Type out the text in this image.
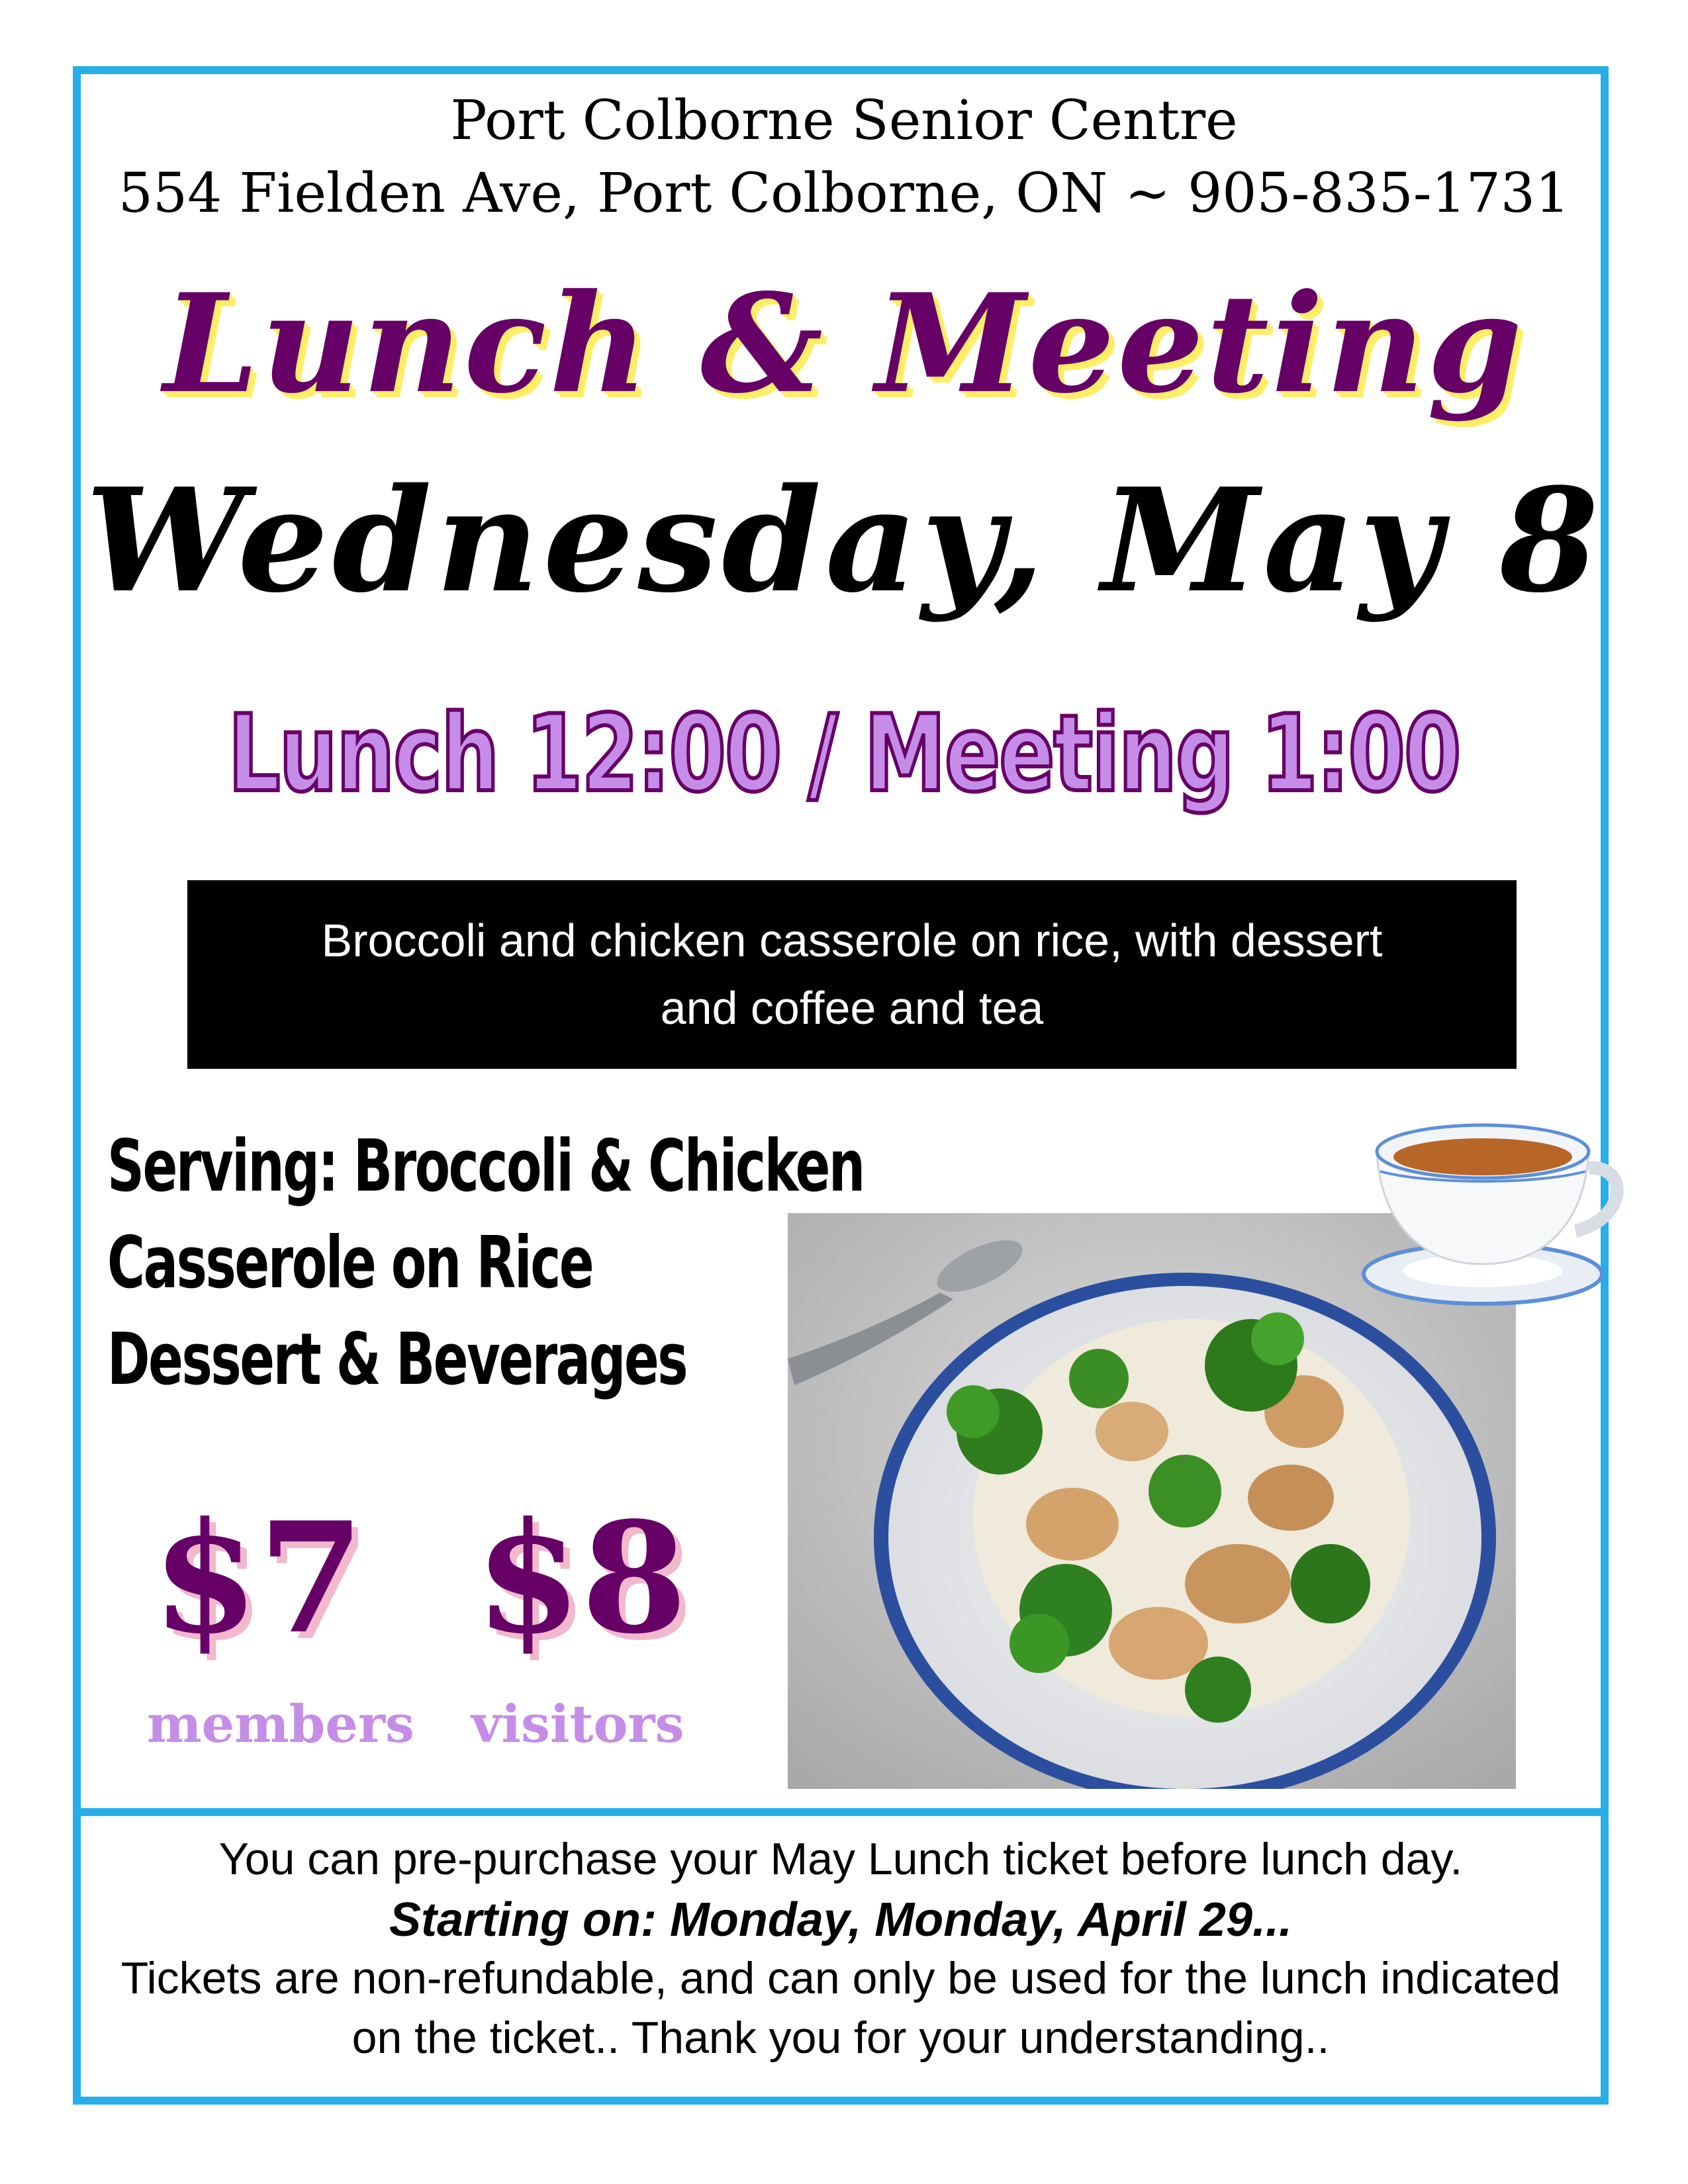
Port Colborne Senior Centre
554 Fielden Ave, Port Colborne, ON ~ 905-835-1731
Lunch & Meeting
Wednesday, May 8
Lunch 12:00 / Meeting 1:00
Broccoli and chicken casserole on rice, with dessert
and coffee and tea
Serving: Broccoli & Chicken
Casserole on Rice
Dessert & Beverages
$7
members
$8
visitors
You can pre-purchase your May Lunch ticket before lunch day.
Starting on: Monday, Monday, April 29...
Tickets are non-refundable, and can only be used for the lunch indicated
on the ticket.. Thank you for your understanding..
